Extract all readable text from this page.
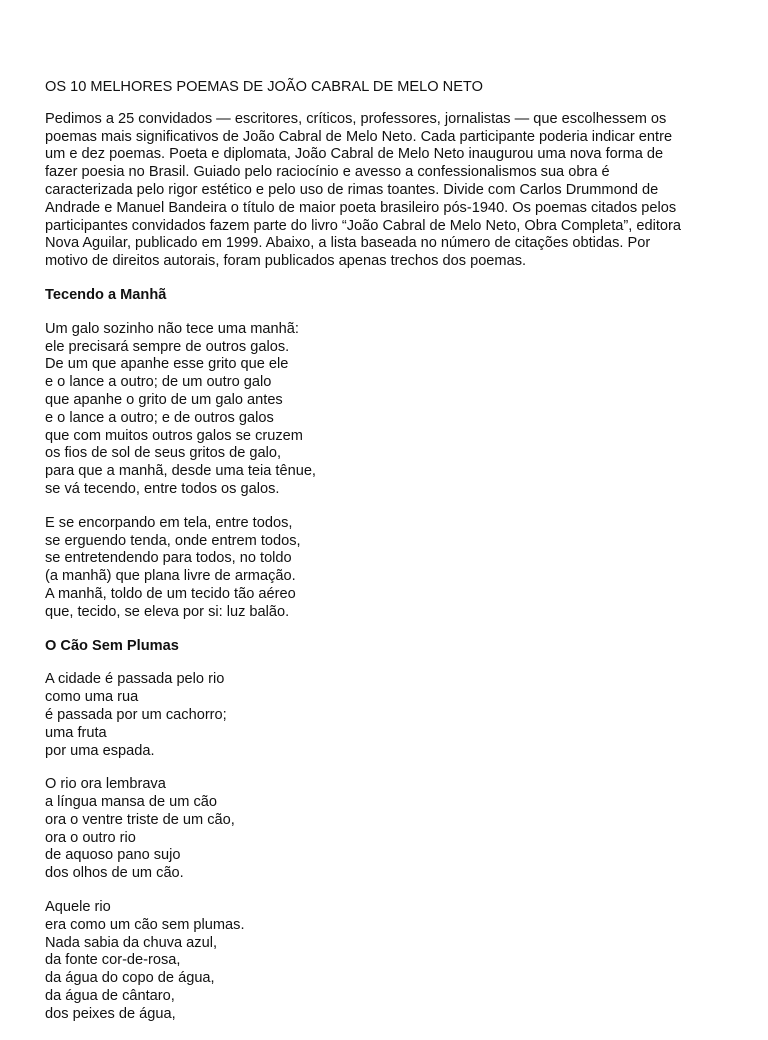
OS 10 MELHORES POEMAS DE JOÃO CABRAL DE MELO NETO

Pedimos a 25 convidados — escritores, críticos, professores, jornalistas — que escolhessem os
poemas mais significativos de João Cabral de Melo Neto. Cada participante poderia indicar entre
um e dez poemas. Poeta e diplomata, João Cabral de Melo Neto inaugurou uma nova forma de
fazer poesia no Brasil. Guiado pelo raciocínio e avesso a confessionalismos sua obra é
caracterizada pelo rigor estético e pelo uso de rimas toantes. Divide com Carlos Drummond de
Andrade e Manuel Bandeira o título de maior poeta brasileiro pós-1940. Os poemas citados pelos
participantes convidados fazem parte do livro “João Cabral de Melo Neto, Obra Completa”, editora
Nova Aguilar, publicado em 1999. Abaixo, a lista baseada no número de citações obtidas. Por
motivo de direitos autorais, foram publicados apenas trechos dos poemas.

Tecendo a Manhã

Um galo sozinho não tece uma manhã:
ele precisará sempre de outros galos.
De um que apanhe esse grito que ele
e o lance a outro; de um outro galo
que apanhe o grito de um galo antes
e o lance a outro; e de outros galos
que com muitos outros galos se cruzem
os fios de sol de seus gritos de galo,
para que a manhã, desde uma teia tênue,
se vá tecendo, entre todos os galos.

E se encorpando em tela, entre todos,
se erguendo tenda, onde entrem todos,
se entretendendo para todos, no toldo
(a manhã) que plana livre de armação.
A manhã, toldo de um tecido tão aéreo
que, tecido, se eleva por si: luz balão.

O Cão Sem Plumas

A cidade é passada pelo rio
como uma rua
é passada por um cachorro;
uma fruta
por uma espada.

O rio ora lembrava
a língua mansa de um cão
ora o ventre triste de um cão,
ora o outro rio
de aquoso pano sujo
dos olhos de um cão.

Aquele rio
era como um cão sem plumas.
Nada sabia da chuva azul,
da fonte cor-de-rosa,
da água do copo de água,
da água de cântaro,
dos peixes de água,
